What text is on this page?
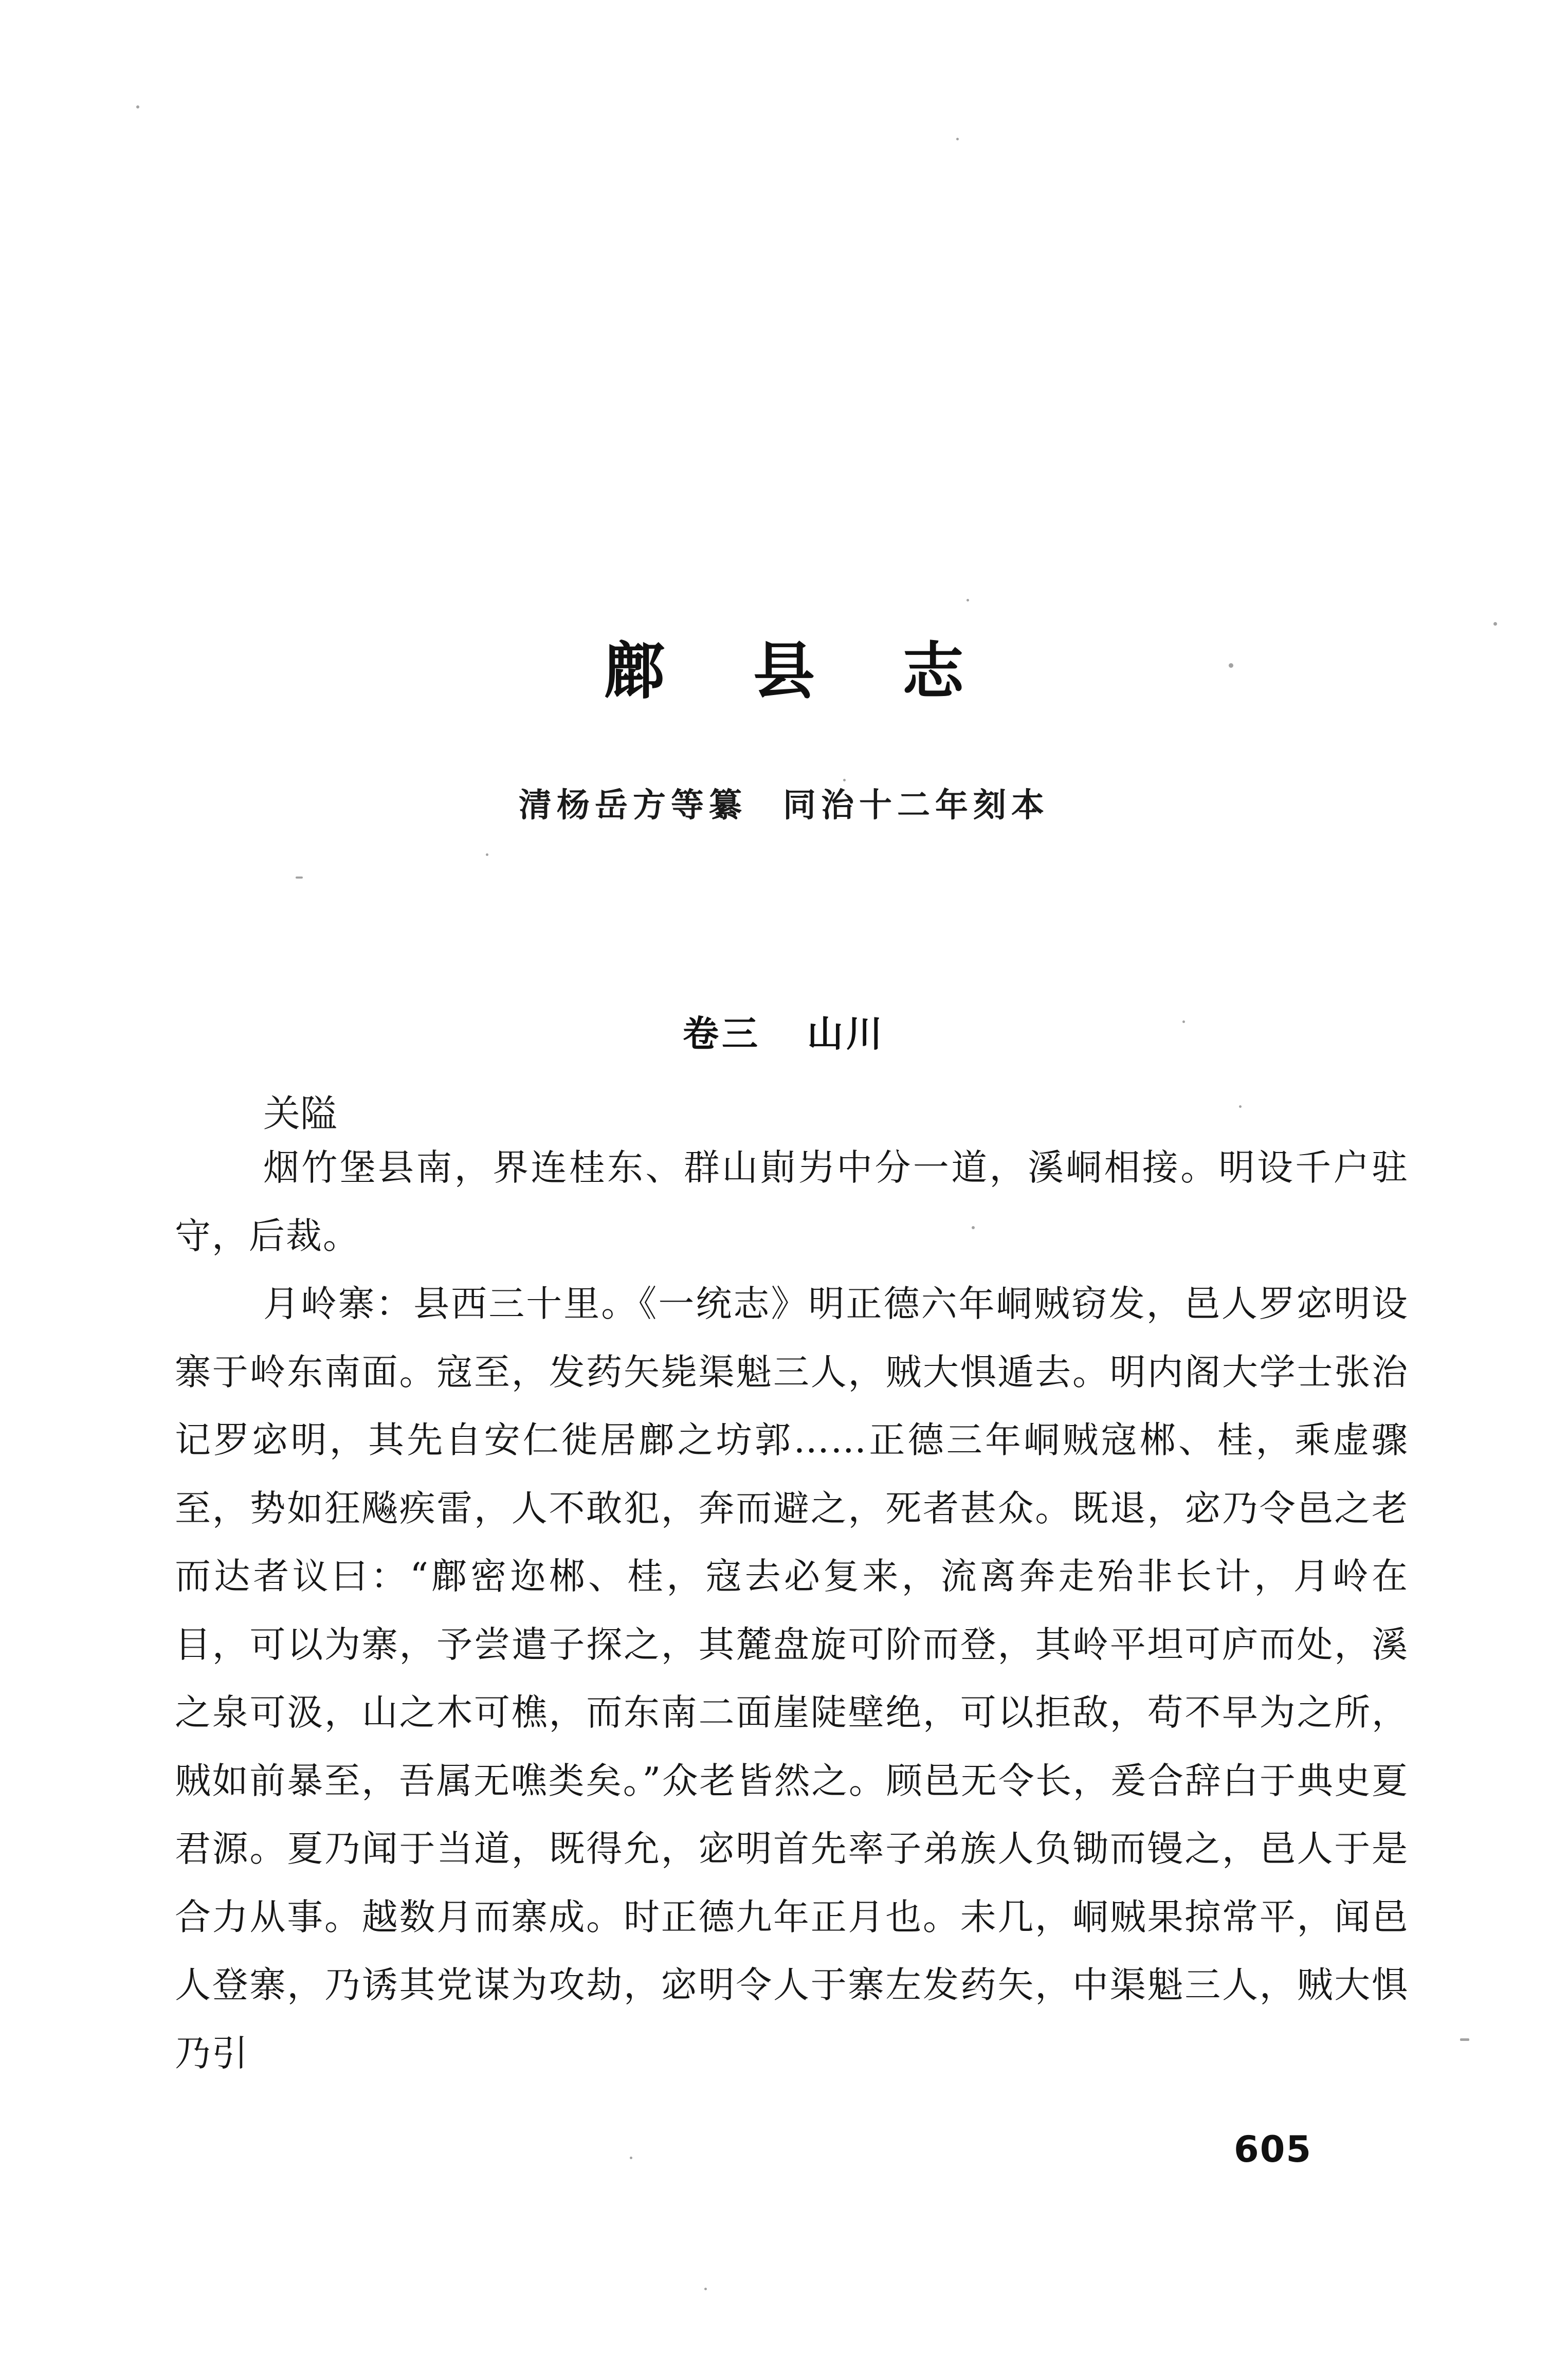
鄜县志
清杨岳方等纂 同治十二年刻本
卷三 山川
关隘

烟竹堡县南，界连桂东、群山崱屴中分一道，溪峒相接。明设千户驻守，后裁。

月岭寨：县西三十里。《一统志》明正德六年峒贼窃发，邑人罗宓明设寨于岭东南面。寇至，发药矢毙渠魁三人，贼大惧遁去。明内阁大学士张治记罗宓明，其先自安仁徙居鄜之坊郭……正德三年峒贼寇郴、桂，乘虚骤至，势如狂飚疾雷，人不敢犯，奔而避之，死者甚众。既退，宓乃令邑之老而达者议曰：“鄜密迩郴、桂，寇去必复来，流离奔走殆非长计，月岭在目，可以为寨，予尝遣子探之，其麓盘旋可阶而登，其岭平坦可庐而处，溪之泉可汲，山之木可樵，而东南二面崖陡壁绝，可以拒敌，苟不早为之所，贼如前暴至，吾属无噍类矣。”众老皆然之。顾邑无令长，爰合辞白于典史夏君源。夏乃闻于当道，既得允，宓明首先率子弟族人负锄而镘之，邑人于是合力从事。越数月而寨成。时正德九年正月也。未几，峒贼果掠常平，闻邑人登寨，乃诱其党谋为攻劫，宓明令人于寨左发药矢，中渠魁三人，贼大惧乃引

605
